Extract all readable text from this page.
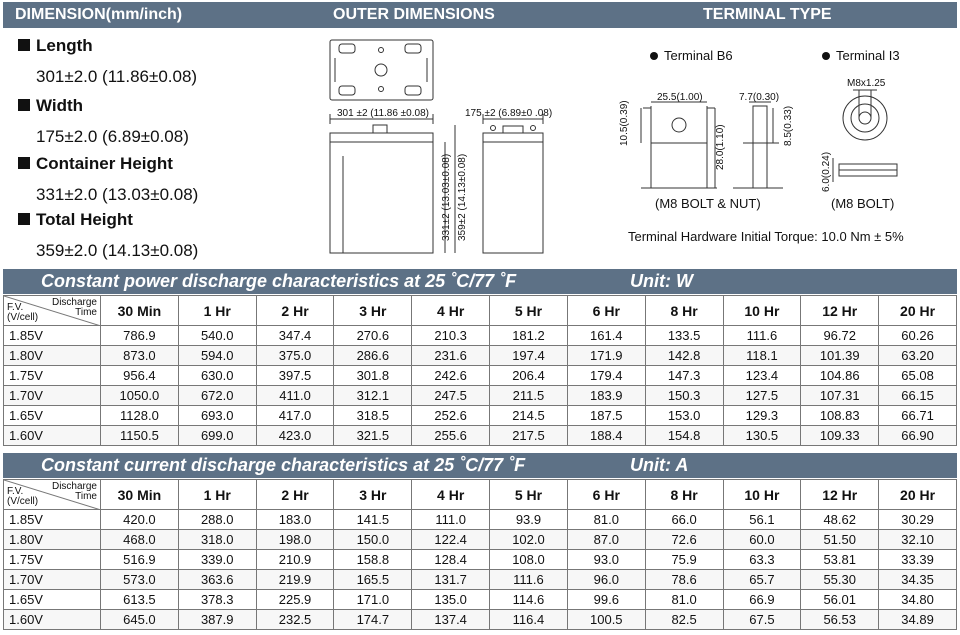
DIMENSION(mm/inch)	OUTER DIMENSIONS	TERMINAL TYPE
Length
301±2.0 (11.86±0.08)
Width
175±2.0 (6.89±0.08)
Container Height
331±2.0 (13.03±0.08)
Total Height
359±2.0 (14.13±0.08)
301 ±2 (11.86 ±0.08)	175 ±2 (6.89±0 .08)
331±2 (13.03±0.08) 359±2 (14.13±0.08)
Terminal B6	Terminal I3
25.5(1.00)	7.7(0.30)
10.5(0.39)
28.0(1.10)	8.5(0.33)
(M8 BOLT & NUT)
M8x1.25
6.0(0.24)
(M8 BOLT)
Terminal Hardware Initial Torque: 10.0 Nm ± 5%
Constant power discharge characteristics at 25 ˚C/77 ˚F	Unit: W
Discharge
Time
F.V.
(V/cell)	30 Min	1 Hr	2 Hr	3 Hr	4 Hr	5 Hr	6 Hr	8 Hr	10 Hr	12 Hr	20 Hr
1.85V	786.9	540.0	347.4	270.6	210.3	181.2	161.4	133.5	111.6	96.72	60.26
1.80V	873.0	594.0	375.0	286.6	231.6	197.4	171.9	142.8	118.1	101.39	63.20
1.75V	956.4	630.0	397.5	301.8	242.6	206.4	179.4	147.3	123.4	104.86	65.08
1.70V	1050.0	672.0	411.0	312.1	247.5	211.5	183.9	150.3	127.5	107.31	66.15
1.65V	1128.0	693.0	417.0	318.5	252.6	214.5	187.5	153.0	129.3	108.83	66.71
1.60V	1150.5	699.0	423.0	321.5	255.6	217.5	188.4	154.8	130.5	109.33	66.90
Constant current discharge characteristics at 25 ˚C/77 ˚F	Unit: A
Discharge
Time
F.V.
(V/cell)	30 Min	1 Hr	2 Hr	3 Hr	4 Hr	5 Hr	6 Hr	8 Hr	10 Hr	12 Hr	20 Hr
1.85V	420.0	288.0	183.0	141.5	111.0	93.9	81.0	66.0	56.1	48.62	30.29
1.80V	468.0	318.0	198.0	150.0	122.4	102.0	87.0	72.6	60.0	51.50	32.10
1.75V	516.9	339.0	210.9	158.8	128.4	108.0	93.0	75.9	63.3	53.81	33.39
1.70V	573.0	363.6	219.9	165.5	131.7	111.6	96.0	78.6	65.7	55.30	34.35
1.65V	613.5	378.3	225.9	171.0	135.0	114.6	99.6	81.0	66.9	56.01	34.80
1.60V	645.0	387.9	232.5	174.7	137.4	116.4	100.5	82.5	67.5	56.53	34.89
